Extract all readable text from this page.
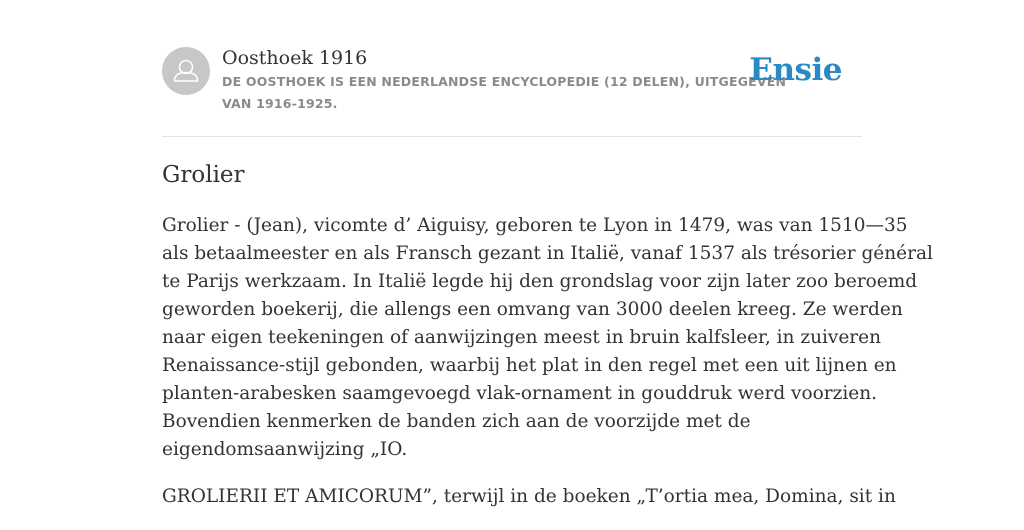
Oosthoek 1916
DE OOSTHOEK IS EEN NEDERLANDSE ENCYCLOPEDIE (12 DELEN), UITGEGEVEN
VAN 1916-1925.
Ensie
Grolier

Grolier - (Jean), vicomte d’ Aiguisy, geboren te Lyon in 1479, was van 1510—35
als betaalmeester en als Fransch gezant in Italië, vanaf 1537 als trésorier général
te Parijs werkzaam. In Italië legde hij den grondslag voor zijn later zoo beroemd
geworden boekerij, die allengs een omvang van 3000 deelen kreeg. Ze werden
naar eigen teekeningen of aanwijzingen meest in bruin kalfsleer, in zuiveren
Renaissance-stijl gebonden, waarbij het plat in den regel met een uit lijnen en
planten-arabesken saamgevoegd vlak-ornament in gouddruk werd voorzien.
Bovendien kenmerken de banden zich aan de voorzijde met de
eigendomsaanwijzing „IO.

GROLIERII ET AMICORUM”, terwijl in de boeken „T’ortia mea, Domina, sit in
